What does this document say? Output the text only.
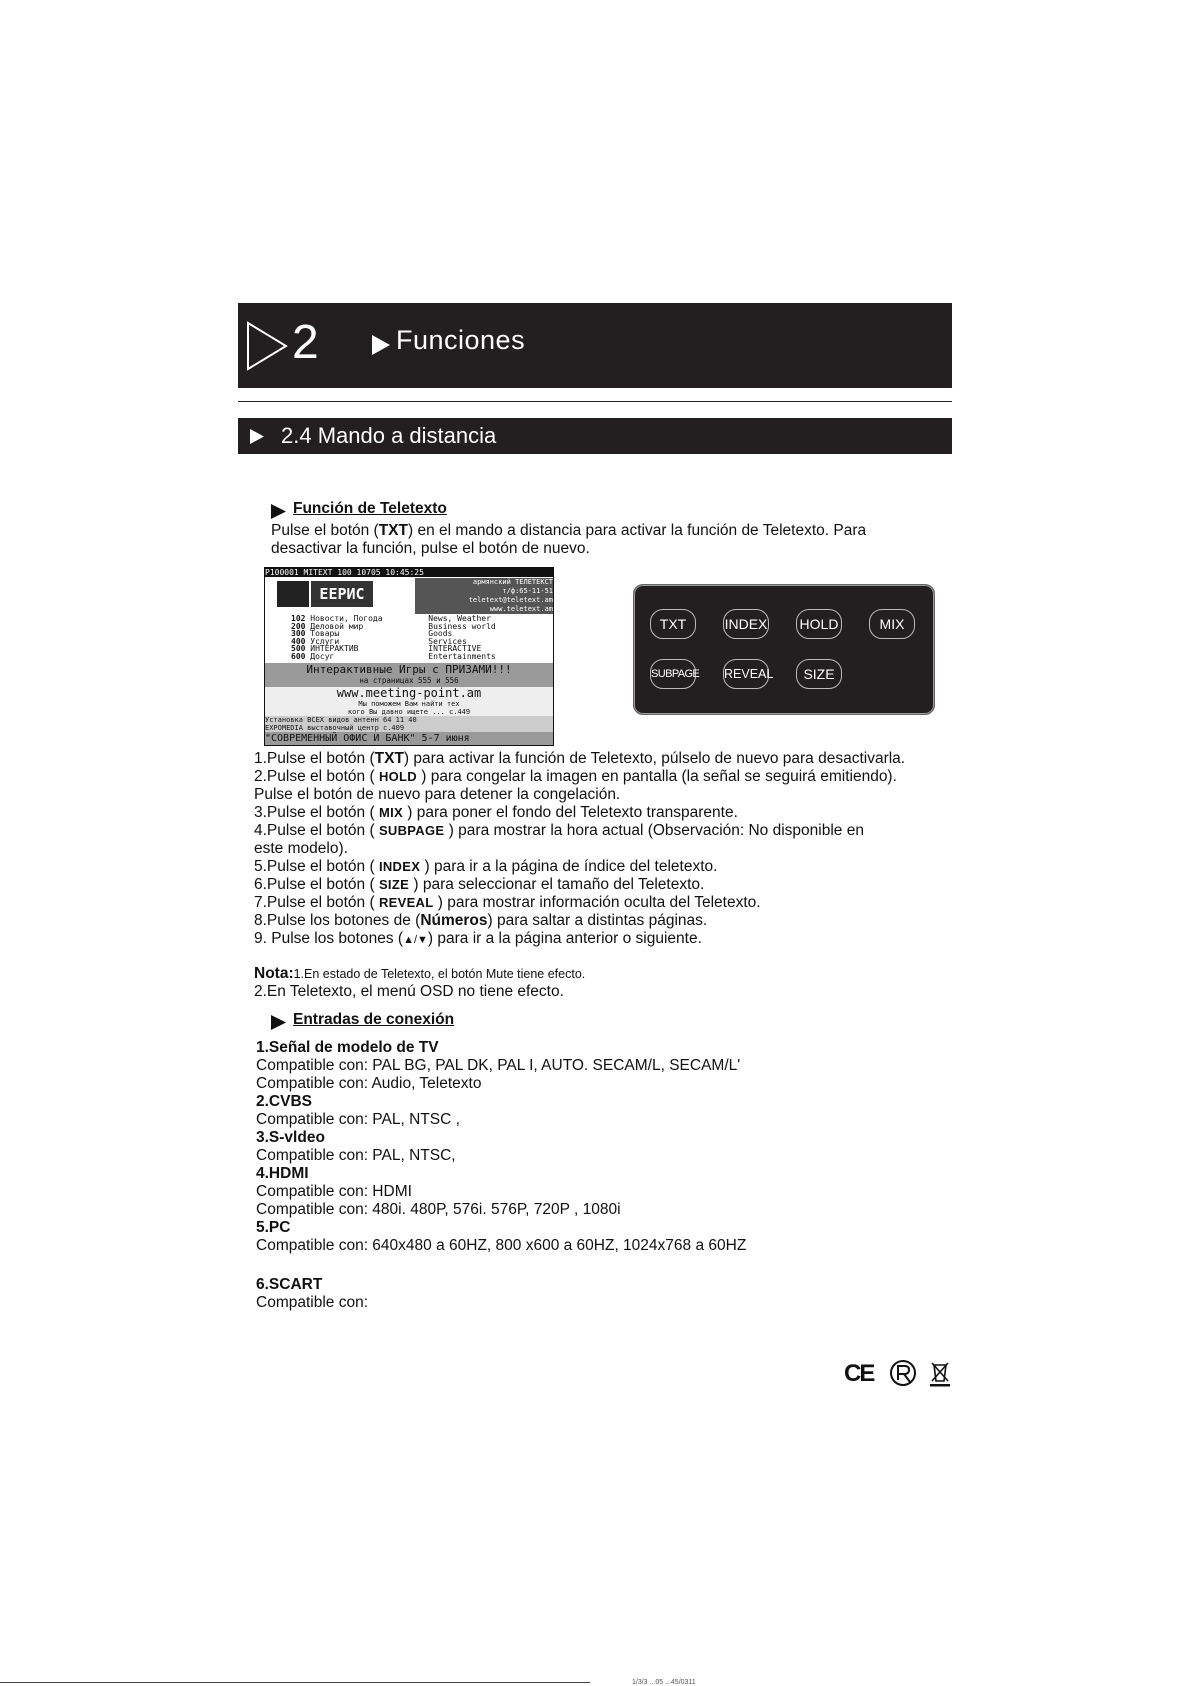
2	Funciones
2.4 Mando a distancia
Función de Teletexto
Pulse el botón (TXT) en el mando a distancia para activar la función de Teletexto. Para
desactivar la función, pulse el botón de nuevo.
P100001 MITEXT 100 10705 10:45:25
ЕЕРИС
армянский ТЕЛЕТЕКСТ
т/ф:65-11-51
teletext@teletext.am
www.teletext.am
102 Новости, Погода	News, Weather
200 Деловой мир	Business world
300 Товары	Goods
400 Услуги	Services
500 ИНТЕРАКТИВ	INTERACTIVE
600 Досуг	Entertainments
Интерактивные Игры с ПРИЗАМИ!!!
на страницах 555 и 556
www.meeting-point.am
Мы поможем Вам найти тех
кого Вы давно ищете ... с.449
Установка ВСЕХ видов антенн 64 11 40
EXPOMEDIA выставочный центр с.409
"СОВРЕМЕННЫЙ ОФИС И БАНК" 5-7 июня
TXT	INDEX HOLD	MIX
SUBPAGE REVEAL	SIZE
1.Pulse el botón (TXT) para activar la función de Teletexto, púlselo de nuevo para desactivarla.
2.Pulse el botón ( HOLD ) para congelar la imagen en pantalla (la señal se seguirá emitiendo).
Pulse el botón de nuevo para detener la congelación.
3.Pulse el botón ( MIX ) para poner el fondo del Teletexto transparente.
4.Pulse el botón ( SUBPAGE ) para mostrar la hora actual (Observación: No disponible en
este modelo).
5.Pulse el botón ( INDEX ) para ir a la página de índice del teletexto.
6.Pulse el botón ( SIZE ) para seleccionar el tamaño del Teletexto.
7.Pulse el botón ( REVEAL ) para mostrar información oculta del Teletexto.
8.Pulse los botones de (Números) para saltar a distintas páginas.
9. Pulse los botones (▲/▼) para ir a la página anterior o siguiente.
Nota:1.En estado de Teletexto, el botón Mute tiene efecto.
2.En Teletexto, el menú OSD no tiene efecto.
Entradas de conexión
1.Señal de modelo de TV
Compatible con: PAL BG, PAL DK, PAL I, AUTO. SECAM/L, SECAM/L'
Compatible con: Audio, Teletexto
2.CVBS
Compatible con: PAL, NTSC ,
3.S-vldeo
Compatible con: PAL, NTSC,
4.HDMI
Compatible con: HDMI
Compatible con: 480i. 480P, 576i. 576P, 720P , 1080i
5.PC
Compatible con: 640x480 a 60HZ, 800 x600 a 60HZ, 1024x768 a 60HZ
6.SCART
Compatible con:
CE
1/3/3 ...05 ...45/0311
